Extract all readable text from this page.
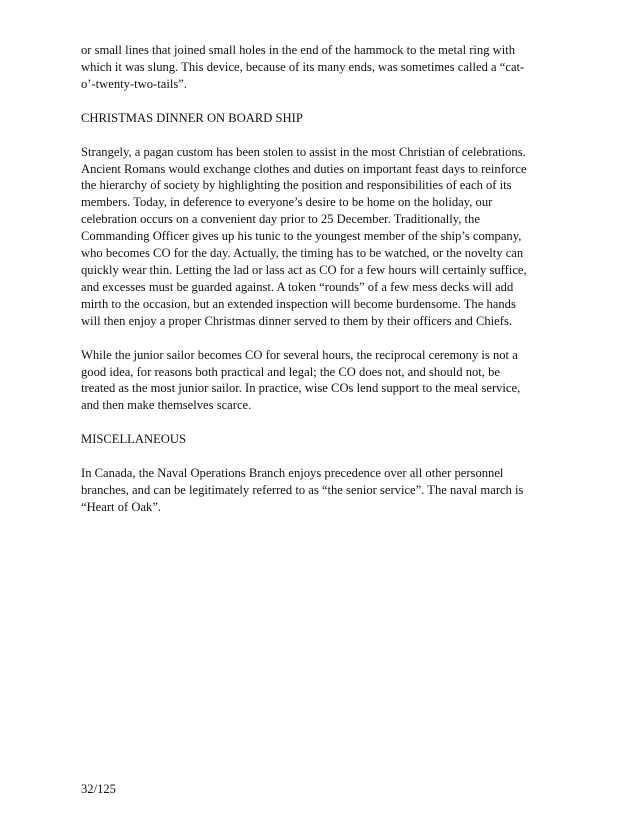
or small lines that joined small holes in the end of the hammock to the metal ring with
which it was slung. This device, because of its many ends, was sometimes called a “cat-
o’-twenty-two-tails”.
CHRISTMAS DINNER ON BOARD SHIP
Strangely, a pagan custom has been stolen to assist in the most Christian of celebrations.
Ancient Romans would exchange clothes and duties on important feast days to reinforce
the hierarchy of society by highlighting the position and responsibilities of each of its
members. Today, in deference to everyone’s desire to be home on the holiday, our
celebration occurs on a convenient day prior to 25 December. Traditionally, the
Commanding Officer gives up his tunic to the youngest member of the ship’s company,
who becomes CO for the day. Actually, the timing has to be watched, or the novelty can
quickly wear thin. Letting the lad or lass act as CO for a few hours will certainly suffice,
and excesses must be guarded against. A token “rounds” of a few mess decks will add
mirth to the occasion, but an extended inspection will become burdensome. The hands
will then enjoy a proper Christmas dinner served to them by their officers and Chiefs.
While the junior sailor becomes CO for several hours, the reciprocal ceremony is not a
good idea, for reasons both practical and legal; the CO does not, and should not, be
treated as the most junior sailor. In practice, wise COs lend support to the meal service,
and then make themselves scarce.
MISCELLANEOUS
In Canada, the Naval Operations Branch enjoys precedence over all other personnel
branches, and can be legitimately referred to as “the senior service”. The naval march is
“Heart of Oak”.
32/125
